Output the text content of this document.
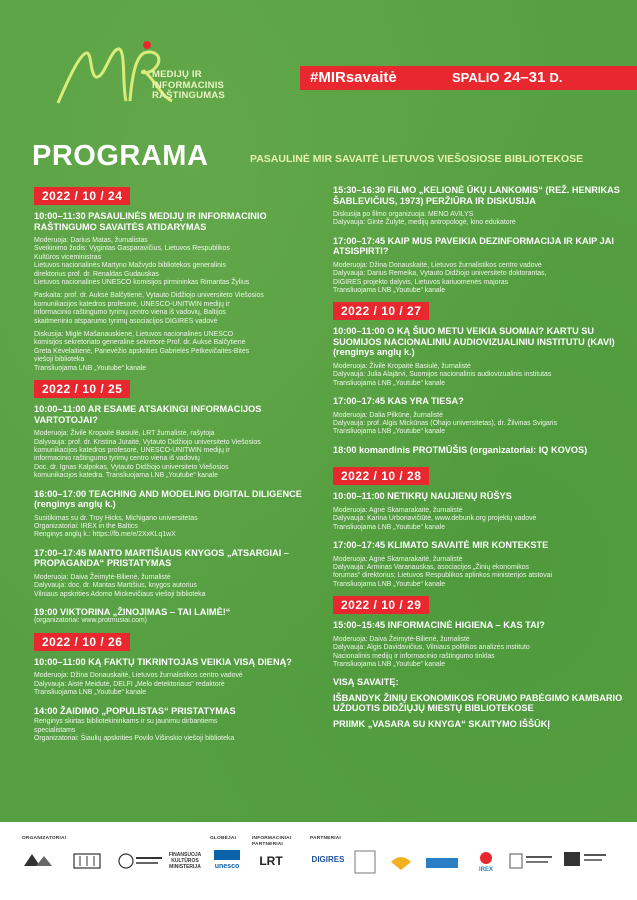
MEDIJŲ IR
INFORMACINIS
RAŠTINGUMAS
#MIRsavaitė	SPALIO 24–31 D.
PROGRAMA	PASAULINĖ MIR SAVAITĖ LIETUVOS VIEŠOSIOSE BIBLIOTEKOSE
2022 / 10 / 24
10:00–11:30 PASAULINĖS MEDIJŲ IR INFORMACINIO RAŠTINGUMO SAVAITĖS ATIDARYMAS
Moderuoja: Darius Matas, žurnalistas
Sveikinimo žodis: Vygintas Gasparavičius, Lietuvos Respublikos
Kultūros viceministras
Lietuvos nacionalinės Martyno Mažvydo bibliotekos generalinis
direktorius prof. dr. Renaldas Gudauskas
Lietuvos nacionalinės UNESCO komisijos pirmininkas Rimantas Žylius
Paskaita: prof. dr. Auksė Balčytienė, Vytauto Didžiojo universiteto Viešosios
komunikacijos katedros profesorė, UNESCO-UNITWIN medijų ir
informacinio raštingumo tyrimų centro viena iš vadovių, Baltijos
skaitmeninio atsparumo tyrimų asociacijos DIGIRES vadovė
Diskusija: Miglė Mašanauskienė, Lietuvos nacionalinės UNESCO
komisijos sekretoriato generalinė sekretorė Prof. dr. Auksė Balčytienė
Greta Kėvelaitienė, Panevėžio apskrities Gabrielės Petkevičaitės-Bitės
viešoji biblioteka
Transliuojama LNB „Youtube“ kanale
2022 / 10 / 25
10:00–11:00 AR ESAME ATSAKINGI INFORMACIJOS VARTOTOJAI?
Moderuoja: Živilė Kropaitė Basiulė, LRT žurnalistė, rašytoja
Dalyvauja: prof. dr. Kristina Juraitė, Vytauto Didžiojo universiteto Viešosios
komunikacijos katedros profesorė, UNESCO-UNITWIN medijų ir
informacinio raštingumo tyrimų centro viena iš vadovių
Doc. dr. Ignas Kalpokas, Vytauto Didžiojo universiteto Viešosios
komunikacijos katedra. Transliuojama LNB „Youtube“ kanale
16:00–17:00 TEACHING AND MODELING DIGITAL DILIGENCE (renginys anglų k.)
Susitikimas su dr. Troy Hicks, Michigano universitetas
Organizatoriai: IREX in the Baltics
Renginys anglų k.: https://fb.me/e/2XxKLq1wX
17:00–17:45 MANTO MARTIŠIAUS KNYGOS „ATSARGIAI – PROPAGANDA“ PRISTATYMAS
Moderuoja: Daiva Žeimytė-Bilienė, žurnalistė
Dalyvauja: doc. dr. Mantas Martišius, knygos autorius
Vilniaus apskrities Adomo Mickevičiaus viešoji biblioteka
19:00 VIKTORINA „ŽINOJIMAS – TAI LAIMĖ!“
(organizatoriai: www.protmusiai.com)
2022 / 10 / 26
10:00–11:00 KĄ FAKTŲ TIKRINTOJAS VEIKIA VISĄ DIENĄ?
Moderuoja: Džina Donauskaitė, Lietuvos žurnalistikos centro vadovė
Dalyvauja: Aistė Meidutė, DELFI „Melo detektoriaus“ redaktorė
Transliuojama LNB „Youtube“ kanale
14:00 ŽAIDIMO „POPULISTAS“ PRISTATYMAS
Renginys skirtas bibliotekininkams ir su jaunimu dirbantiems
specialistams
Organizatoriai: Šiaulių apskrities Povilo Višinskio viešoji biblioteka
15:30–16:30 FILMO „KELIONĖ ŪKŲ LANKOMIS“ (REŽ. HENRIKAS ŠABLEVIČIUS, 1973) PERŽIŪRA IR DISKUSIJA
Diskusija po filmo organizuoja: MENO AVILYS
Dalyvauja: Gintė Žulytė, medijų antropologė, kino edukatorė
17:00–17:45 KAIP MUS PAVEIKIA DEZINFORMACIJA IR KAIP JAI ATSISPIRTI?
Moderuoja: Džina Donauskaitė, Lietuvos žurnalistikos centro vadovė
Dalyvauja: Darius Remeika, Vytauto Didžiojo universiteto doktorantas,
DIGIRES projekto dalyvis, Lietuvos kariuomenės majoras
Transliuojama LNB „Youtube“ kanale
2022 / 10 / 27
10:00–11:00 O KĄ ŠIUO METU VEIKIA SUOMIAI? KARTU SU SUOMIJOS NACIONALINIU AUDIOVIZUALINIU INSTITUTU (KAVI) (renginys anglų k.)
Moderuoja: Živilė Kropaitė Basiulė, žurnalistė
Dalyvauja: Julia Alajärvi, Suomijos nacionalinis audiovizualinis institutas
Transliuojama LNB „Youtube“ kanale
17:00–17:45 KAS YRA TIESA?
Moderuoja: Dalia Pilkūnė, žurnalistė
Dalyvauja: prof. Algis Mickūnas (Ohajo universitetas), dr. Žilvinas Svigaris
Transliuojama LNB „Youtube“ kanale
18:00 komandinis PROTMŪŠIS (organizatoriai: IQ KOVOS)
2022 / 10 / 28
10:00–11:00 NETIKRŲ NAUJIENŲ RŪŠYS
Moderuoja: Agnė Skamarakaitė, žurnalistė
Dalyvauja: Karina Urbonavičiūtė, www.debunk.org projektų vadovė
Transliuojama LNB „Youtube“ kanale
17:00–17:45 KLIMATO SAVAITĖ MIR KONTEKSTE
Moderuoja: Agnė Skamarakaitė, žurnalistė
Dalyvauja: Arminas Varanauskas, asociacijos „Žinių ekonomikos
forumas“ direktorius; Lietuvos Respublikos aplinkos ministerijos atstovai
Transliuojama LNB „Youtube“ kanale
2022 / 10 / 29
15:00–15:45 INFORMACINĖ HIGIENA – KAS TAI?
Moderuoja: Daiva Žeimytė-Bilienė, žurnalistė
Dalyvauja: Algis Davidavičius, Vilniaus politikos analizės instituto
Nacionalinis medijų ir informacinio raštingumo tinklas
Transliuojama LNB „Youtube“ kanale
VISĄ SAVAITĘ:
IŠBANDYK ŽINIŲ EKONOMIKOS FORUMO PABĖGIMO KAMBARIO UŽDUOTIS DIDŽIŲJŲ MIESTŲ BIBLIOTEKOSE
PRIIMK „VASARA SU KNYGA“ SKAITYMO IŠŠŪKĮ
ORGANIZATORIAI	GLOBĖJAI	INFORMACINIAI PARTNERIAI
PARTNERIAI
FINANSUOJA KULTŪROS MINISTERIJA	unesco LRT	DIGIRES
IREX
